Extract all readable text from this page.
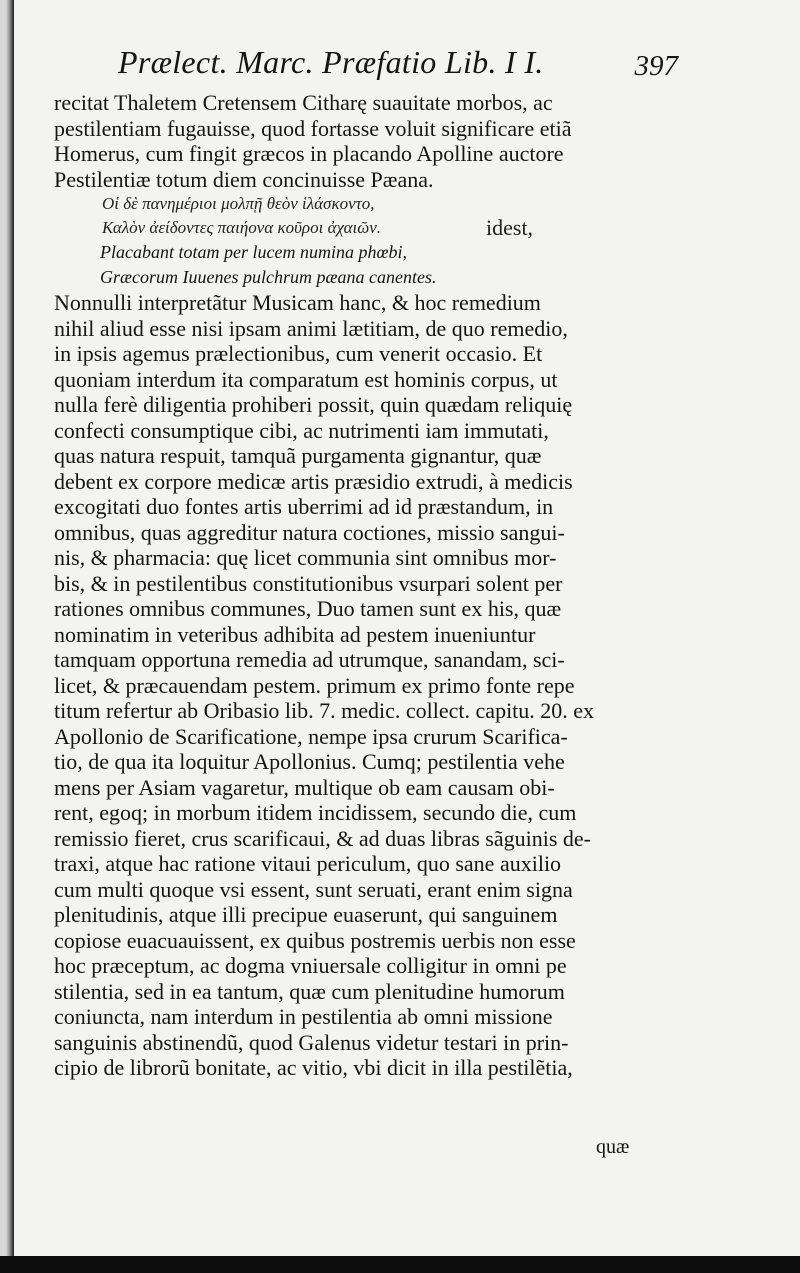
Prælect. Marc. Præfatio Lib. I I.	397
recitat Thaletem Cretensem Citharę suauitate morbos, ac
pestilentiam fugauisse, quod fortasse voluit significare etiã
Homerus, cum fingit græcos in placando Apolline auctore
Pestilentiæ totum diem concinuisse Pæana.
Οἱ δὲ πανημέριοι μολπῇ θεὸν ἱλάσκοντο,
Καλὸν ἀείδοντες παιήονα κοῦροι ἀχαιῶν.	idest,
Placabant totam per lucem numina phœbi,
Græcorum Iuuenes pulchrum pæana canentes.
Nonnulli interpretãtur Musicam hanc, & hoc remedium
nihil aliud esse nisi ipsam animi lætitiam, de quo remedio,
in ipsis agemus prælectionibus, cum venerit occasio. Et
quoniam interdum ita comparatum est hominis corpus, ut
nulla ferè diligentia prohiberi possit, quin quædam reliquię
confecti consumptique cibi, ac nutrimenti iam immutati,
quas natura respuit, tamquã purgamenta gignantur, quæ
debent ex corpore medicæ artis præsidio extrudi, à medicis
excogitati duo fontes artis uberrimi ad id præstandum, in
omnibus, quas aggreditur natura coctiones, missio sangui-
nis, & pharmacia: quę licet communia sint omnibus mor-
bis, & in pestilentibus constitutionibus vsurpari solent per
rationes omnibus communes, Duo tamen sunt ex his, quæ
nominatim in veteribus adhibita ad pestem inueniuntur
tamquam opportuna remedia ad utrumque, sanandam, sci-
licet, & præcauendam pestem. primum ex primo fonte repe
titum refertur ab Oribasio lib. 7. medic. collect. capitu. 20. ex
Apollonio de Scarificatione, nempe ipsa crurum Scarifica-
tio, de qua ita loquitur Apollonius. Cumq; pestilentia vehe
mens per Asiam vagaretur, multique ob eam causam obi-
rent, egoq; in morbum itidem incidissem, secundo die, cum
remissio fieret, crus scarificaui, & ad duas libras sãguinis de-
traxi, atque hac ratione vitaui periculum, quo sane auxilio
cum multi quoque vsi essent, sunt seruati, erant enim signa
plenitudinis, atque illi precipue euaserunt, qui sanguinem
copiose euacuauissent, ex quibus postremis uerbis non esse
hoc præceptum, ac dogma vniuersale colligitur in omni pe
stilentia, sed in ea tantum, quæ cum plenitudine humorum
coniuncta, nam interdum in pestilentia ab omni missione
sanguinis abstinendũ, quod Galenus videtur testari in prin-
cipio de librorũ bonitate, ac vitio, vbi dicit in illa pestilẽtia,
quæ
